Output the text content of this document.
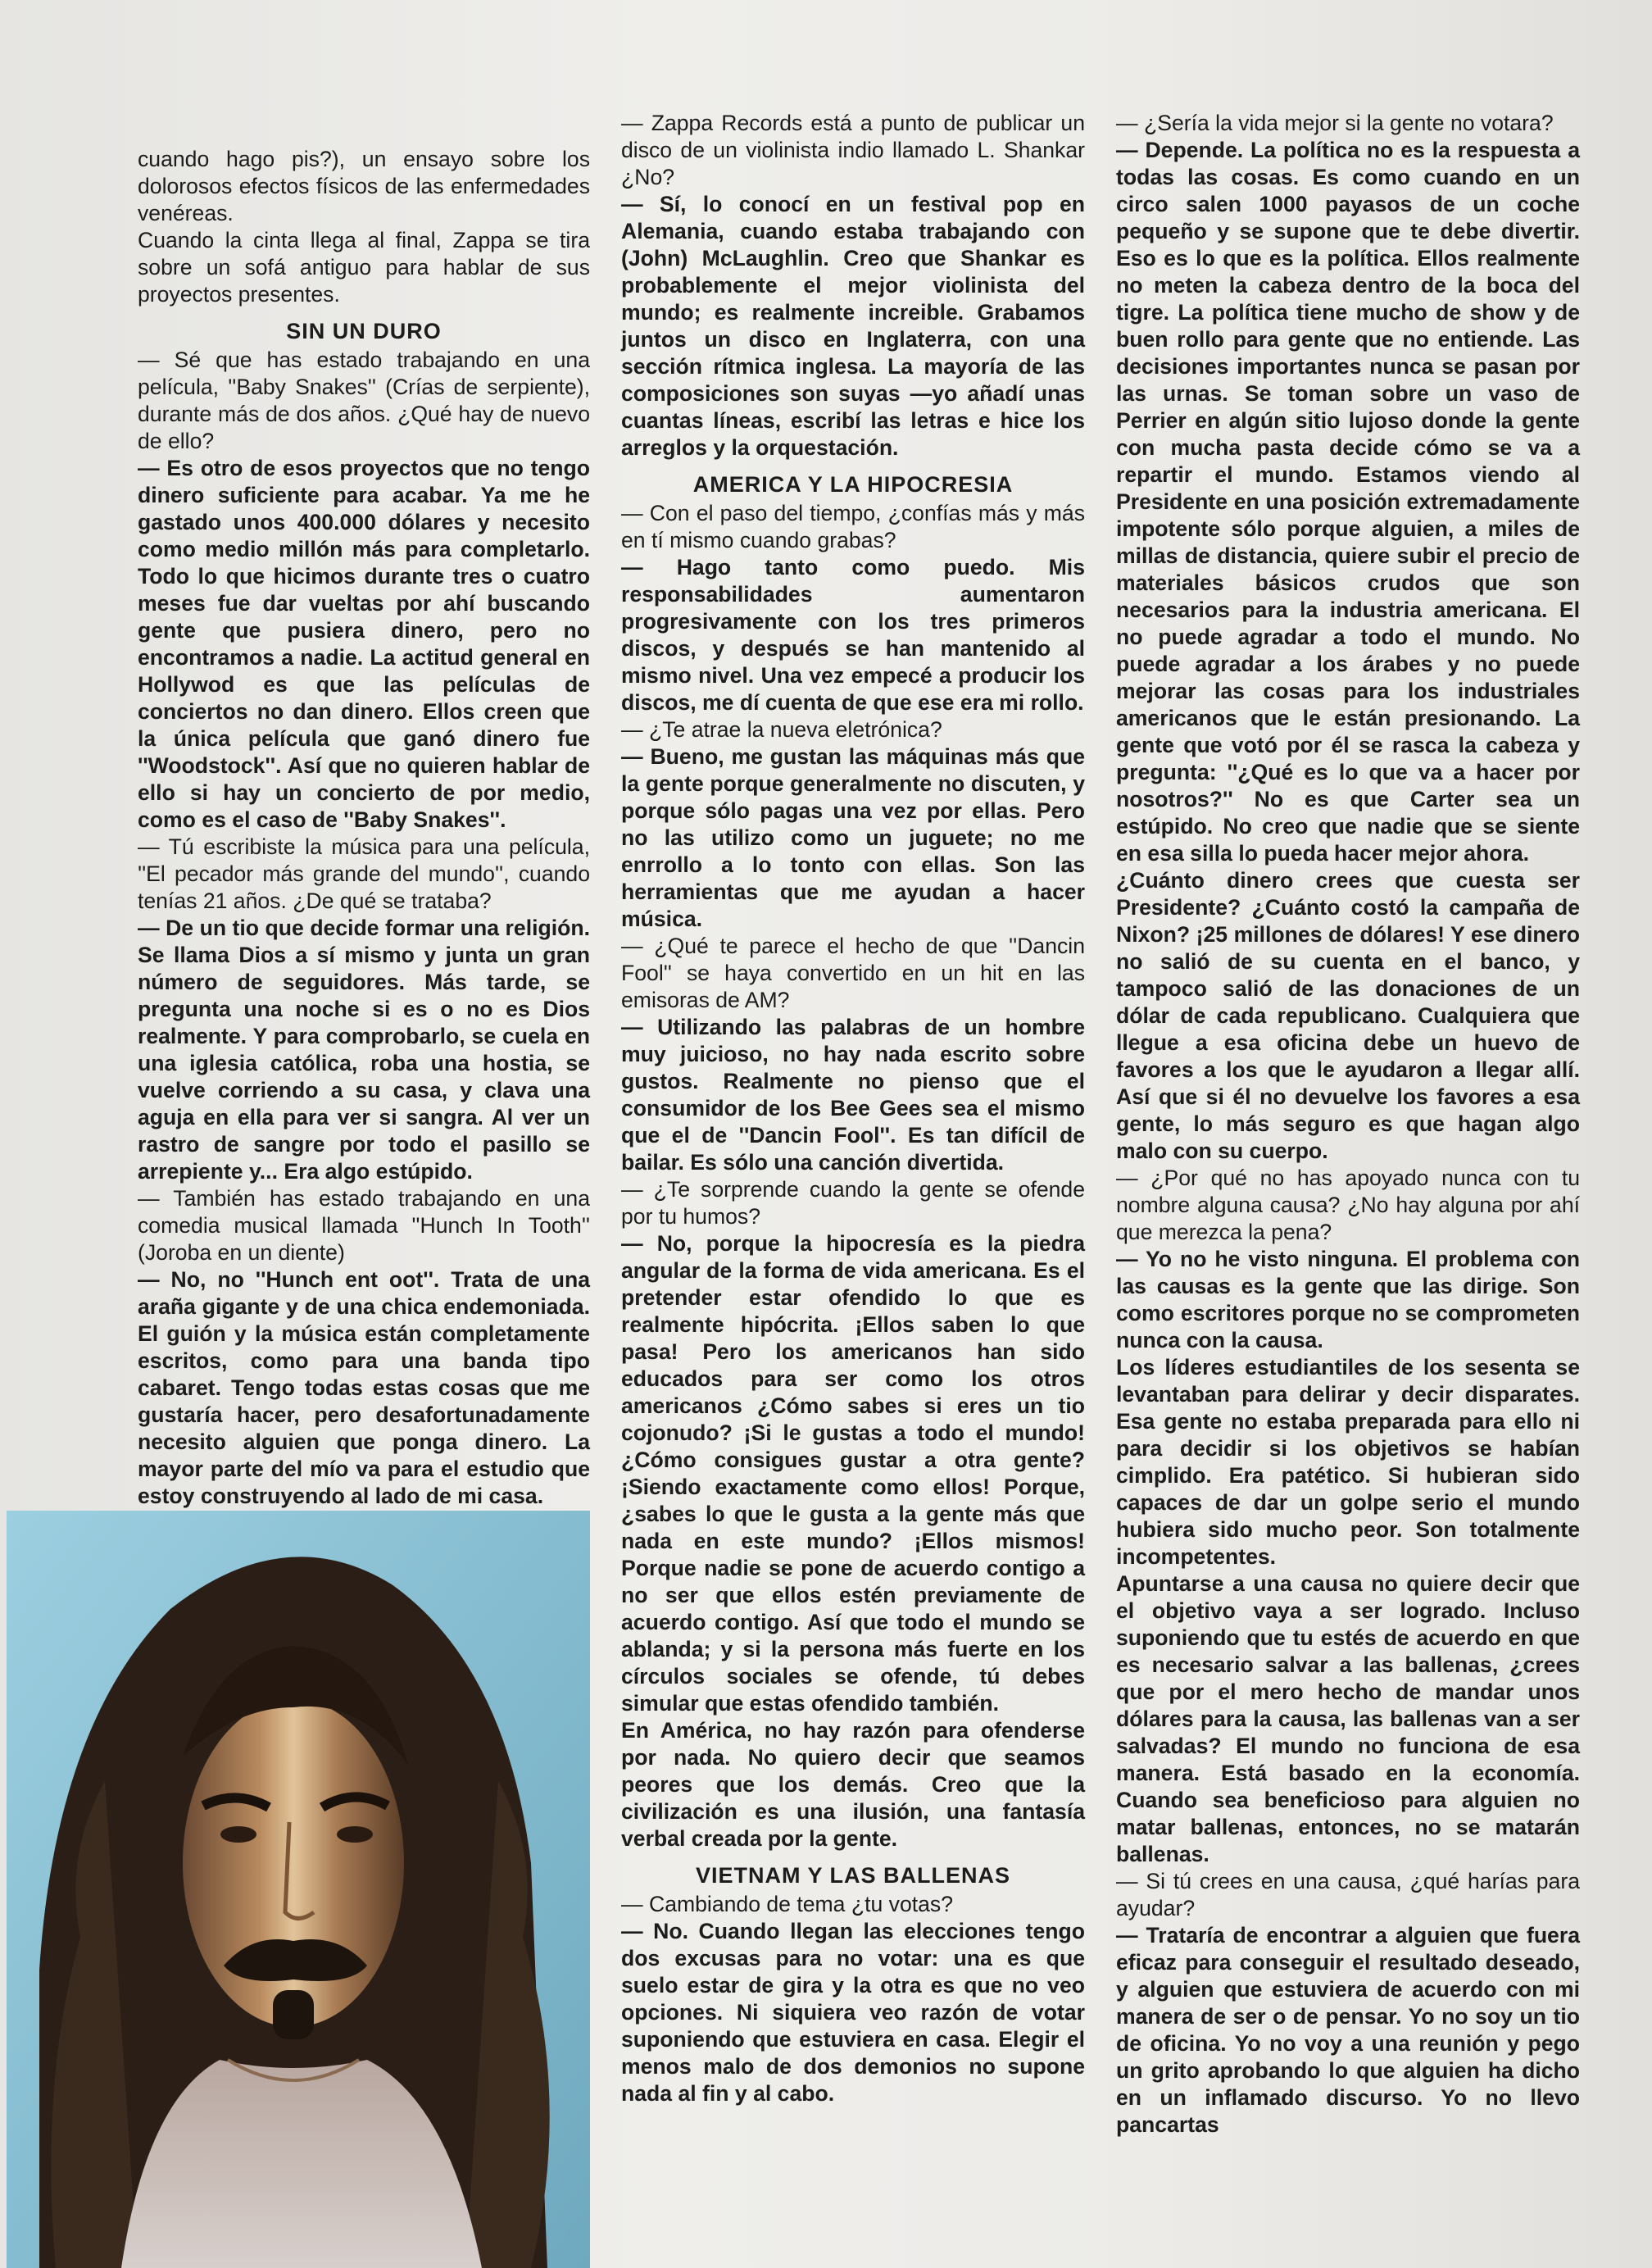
cuando hago pis?), un ensayo sobre los dolorosos efectos físicos de las enfermedades venéreas.

Cuando la cinta llega al final, Zappa se tira sobre un sofá antiguo para hablar de sus proyectos presentes.

SIN UN DURO

— Sé que has estado trabajando en una película, ''Baby Snakes'' (Crías de serpiente), durante más de dos años. ¿Qué hay de nuevo de ello?

— Es otro de esos proyectos que no tengo dinero suficiente para acabar. Ya me he gastado unos 400.000 dólares y necesito como medio millón más para completarlo. Todo lo que hicimos durante tres o cuatro meses fue dar vueltas por ahí buscando gente que pusiera dinero, pero no encontramos a nadie. La actitud general en Hollywod es que las películas de conciertos no dan dinero. Ellos creen que la única película que ganó dinero fue ''Woodstock''. Así que no quieren hablar de ello si hay un concierto de por medio, como es el caso de ''Baby Snakes''.

— Tú escribiste la música para una película, ''El pecador más grande del mundo'', cuando tenías 21 años. ¿De qué se trataba?

— De un tio que decide formar una religión. Se llama Dios a sí mismo y junta un gran número de seguidores. Más tarde, se pregunta una noche si es o no es Dios realmente. Y para comprobarlo, se cuela en una iglesia católica, roba una hostia, se vuelve corriendo a su casa, y clava una aguja en ella para ver si sangra. Al ver un rastro de sangre por todo el pasillo se arrepiente y... Era algo estúpido.

— También has estado trabajando en una comedia musical llamada ''Hunch In Tooth'' (Joroba en un diente)

— No, no ''Hunch ent oot''. Trata de una araña gigante y de una chica endemoniada. El guión y la música están completamente escritos, como para una banda tipo cabaret. Tengo todas estas cosas que me gustaría hacer, pero desafortunadamente necesito alguien que ponga dinero. La mayor parte del mío va para el estudio que estoy construyendo al lado de mi casa.

— Zappa Records está a punto de publicar un disco de un violinista indio llamado L. Shankar ¿No?

— Sí, lo conocí en un festival pop en Alemania, cuando estaba trabajando con (John) McLaughlin. Creo que Shankar es probablemente el mejor violinista del mundo; es realmente increible. Grabamos juntos un disco en Inglaterra, con una sección rítmica inglesa. La mayoría de las composiciones son suyas —yo añadí unas cuantas líneas, escribí las letras e hice los arreglos y la orquestación.

AMERICA Y LA HIPOCRESIA

— Con el paso del tiempo, ¿confías más y más en tí mismo cuando grabas?

— Hago tanto como puedo. Mis responsabilidades aumentaron progresivamente con los tres primeros discos, y después se han mantenido al mismo nivel. Una vez empecé a producir los discos, me dí cuenta de que ese era mi rollo.

— ¿Te atrae la nueva eletrónica?

— Bueno, me gustan las máquinas más que la gente porque generalmente no discuten, y porque sólo pagas una vez por ellas. Pero no las utilizo como un juguete; no me enrrollo a lo tonto con ellas. Son las herramientas que me ayudan a hacer música.

— ¿Qué te parece el hecho de que ''Dancin Fool'' se haya convertido en un hit en las emisoras de AM?

— Utilizando las palabras de un hombre muy juicioso, no hay nada escrito sobre gustos. Realmente no pienso que el consumidor de los Bee Gees sea el mismo que el de ''Dancin Fool''. Es tan difícil de bailar. Es sólo una canción divertida.

— ¿Te sorprende cuando la gente se ofende por tu humos?

— No, porque la hipocresía es la piedra angular de la forma de vida americana. Es el pretender estar ofendido lo que es realmente hipócrita. ¡Ellos saben lo que pasa! Pero los americanos han sido educados para ser como los otros americanos ¿Cómo sabes si eres un tio cojonudo? ¡Si le gustas a todo el mundo! ¿Cómo consigues gustar a otra gente? ¡Siendo exactamente como ellos! Porque, ¿sabes lo que le gusta a la gente más que nada en este mundo? ¡Ellos mismos! Porque nadie se pone de acuerdo contigo a no ser que ellos estén previamente de acuerdo contigo. Así que todo el mundo se ablanda; y si la persona más fuerte en los círculos sociales se ofende, tú debes simular que estas ofendido también.

En América, no hay razón para ofenderse por nada. No quiero decir que seamos peores que los demás. Creo que la civilización es una ilusión, una fantasía verbal creada por la gente.

VIETNAM Y LAS BALLENAS

— Cambiando de tema ¿tu votas?

— No. Cuando llegan las elecciones tengo dos excusas para no votar: una es que suelo estar de gira y la otra es que no veo opciones. Ni siquiera veo razón de votar suponiendo que estuviera en casa. Elegir el menos malo de dos demonios no supone nada al fin y al cabo.

— ¿Sería la vida mejor si la gente no votara?

— Depende. La política no es la respuesta a todas las cosas. Es como cuando en un circo salen 1000 payasos de un coche pequeño y se supone que te debe divertir. Eso es lo que es la política. Ellos realmente no meten la cabeza dentro de la boca del tigre. La política tiene mucho de show y de buen rollo para gente que no entiende. Las decisiones importantes nunca se pasan por las urnas. Se toman sobre un vaso de Perrier en algún sitio lujoso donde la gente con mucha pasta decide cómo se va a repartir el mundo. Estamos viendo al Presidente en una posición extremadamente impotente sólo porque alguien, a miles de millas de distancia, quiere subir el precio de materiales básicos crudos que son necesarios para la industria americana. El no puede agradar a todo el mundo. No puede agradar a los árabes y no puede mejorar las cosas para los industriales americanos que le están presionando. La gente que votó por él se rasca la cabeza y pregunta: ''¿Qué es lo que va a hacer por nosotros?'' No es que Carter sea un estúpido. No creo que nadie que se siente en esa silla lo pueda hacer mejor ahora.

¿Cuánto dinero crees que cuesta ser Presidente? ¿Cuánto costó la campaña de Nixon? ¡25 millones de dólares! Y ese dinero no salió de su cuenta en el banco, y tampoco salió de las donaciones de un dólar de cada republicano. Cualquiera que llegue a esa oficina debe un huevo de favores a los que le ayudaron a llegar allí. Así que si él no devuelve los favores a esa gente, lo más seguro es que hagan algo malo con su cuerpo.

— ¿Por qué no has apoyado nunca con tu nombre alguna causa? ¿No hay alguna por ahí que merezca la pena?

— Yo no he visto ninguna. El problema con las causas es la gente que las dirige. Son como escritores porque no se comprometen nunca con la causa.

Los líderes estudiantiles de los sesenta se levantaban para delirar y decir disparates. Esa gente no estaba preparada para ello ni para decidir si los objetivos se habían cimplido. Era patético. Si hubieran sido capaces de dar un golpe serio el mundo hubiera sido mucho peor. Son totalmente incompetentes.

Apuntarse a una causa no quiere decir que el objetivo vaya a ser logrado. Incluso suponiendo que tu estés de acuerdo en que es necesario salvar a las ballenas, ¿crees que por el mero hecho de mandar unos dólares para la causa, las ballenas van a ser salvadas? El mundo no funciona de esa manera. Está basado en la economía. Cuando sea beneficioso para alguien no matar ballenas, entonces, no se matarán ballenas.

— Si tú crees en una causa, ¿qué harías para ayudar?

— Trataría de encontrar a alguien que fuera eficaz para conseguir el resultado deseado, y alguien que estuviera de acuerdo con mi manera de ser o de pensar. Yo no soy un tio de oficina. Yo no voy a una reunión y pego un grito aprobando lo que alguien ha dicho en un inflamado discurso. Yo no llevo pancartas
